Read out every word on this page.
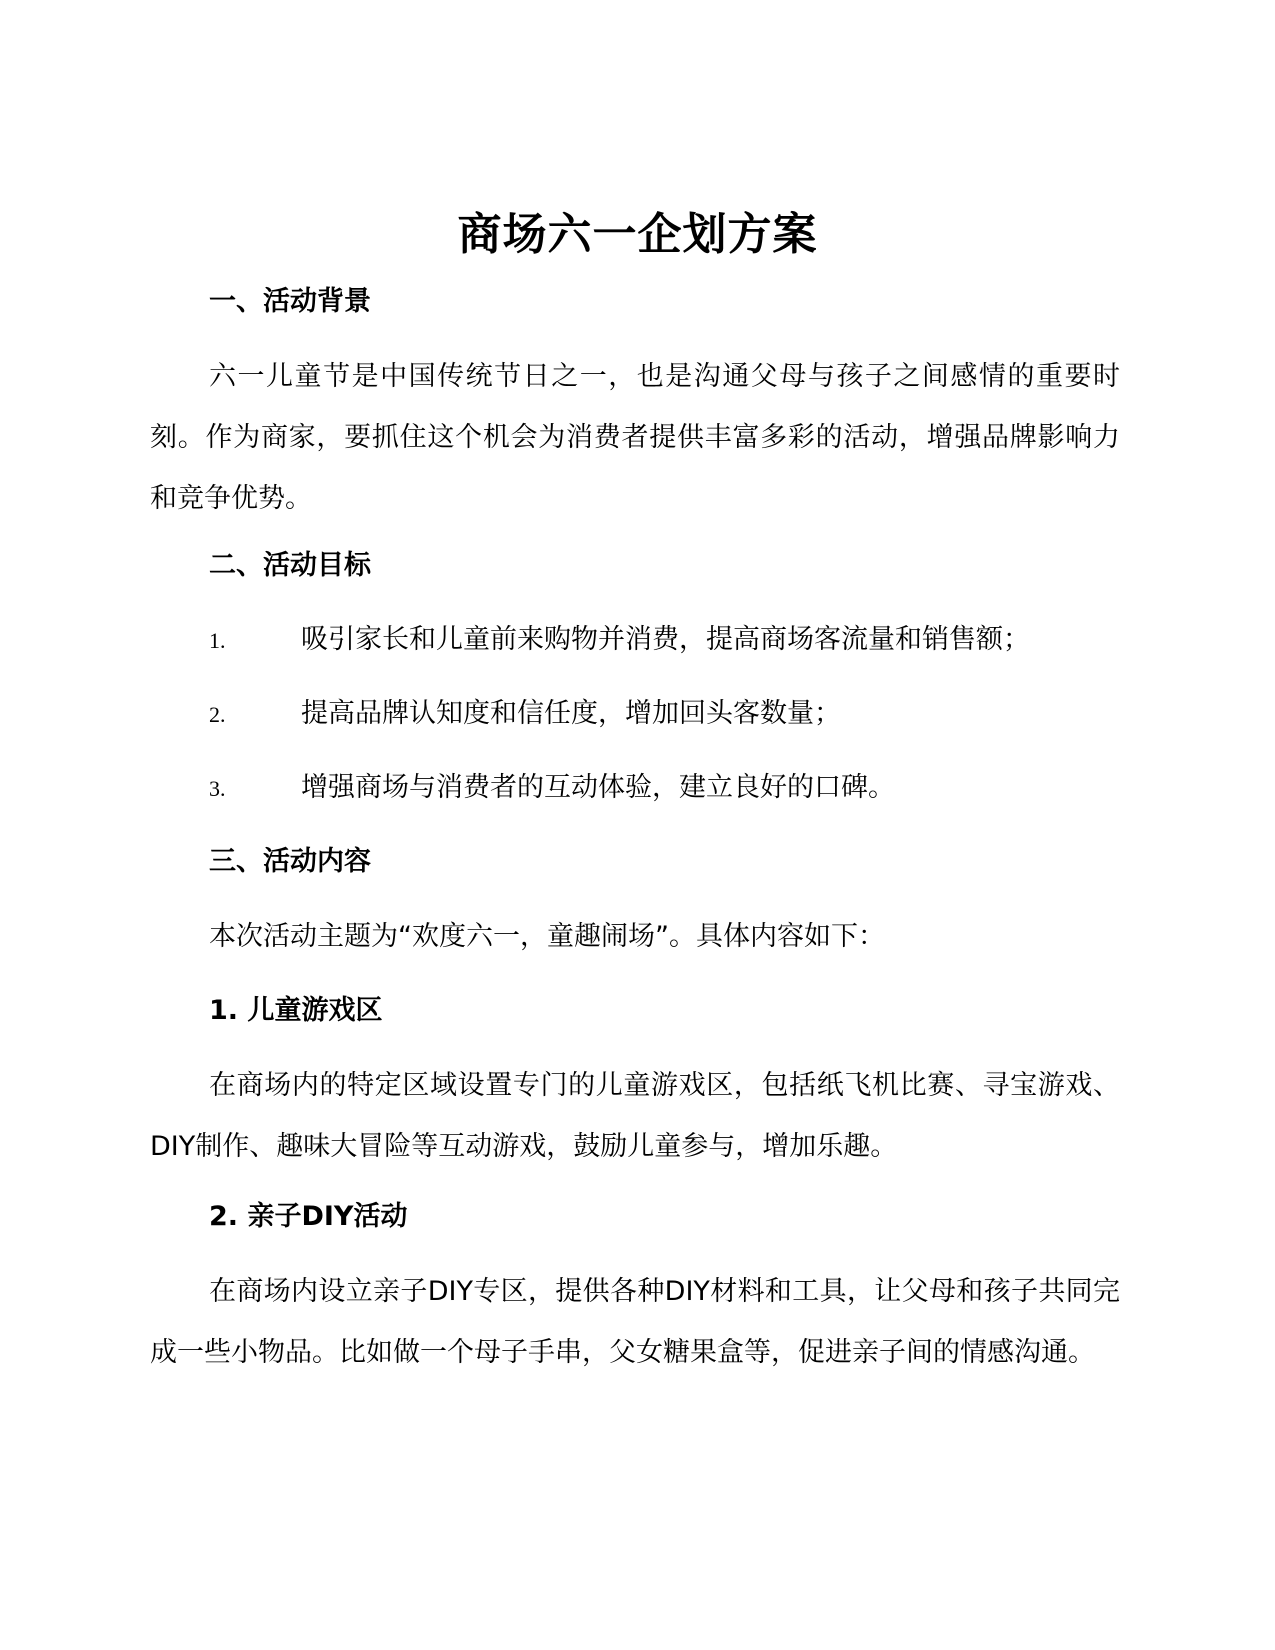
商场六一企划方案
一、活动背景
六一儿童节是中国传统节日之一，也是沟通父母与孩子之间感情的重要时刻。作为商家，要抓住这个机会为消费者提供丰富多彩的活动，增强品牌影响力和竞争优势。
二、活动目标
1.	吸引家长和儿童前来购物并消费，提高商场客流量和销售额；
2.	提高品牌认知度和信任度，增加回头客数量；
3.	增强商场与消费者的互动体验，建立良好的口碑。
三、活动内容
本次活动主题为“欢度六一，童趣闹场”。具体内容如下：
1. 儿童游戏区
在商场内的特定区域设置专门的儿童游戏区，包括纸飞机比赛、寻宝游戏、DIY制作、趣味大冒险等互动游戏，鼓励儿童参与，增加乐趣。
2. 亲子DIY活动
在商场内设立亲子DIY专区，提供各种DIY材料和工具，让父母和孩子共同完成一些小物品。比如做一个母子手串，父女糖果盒等，促进亲子间的情感沟通。
